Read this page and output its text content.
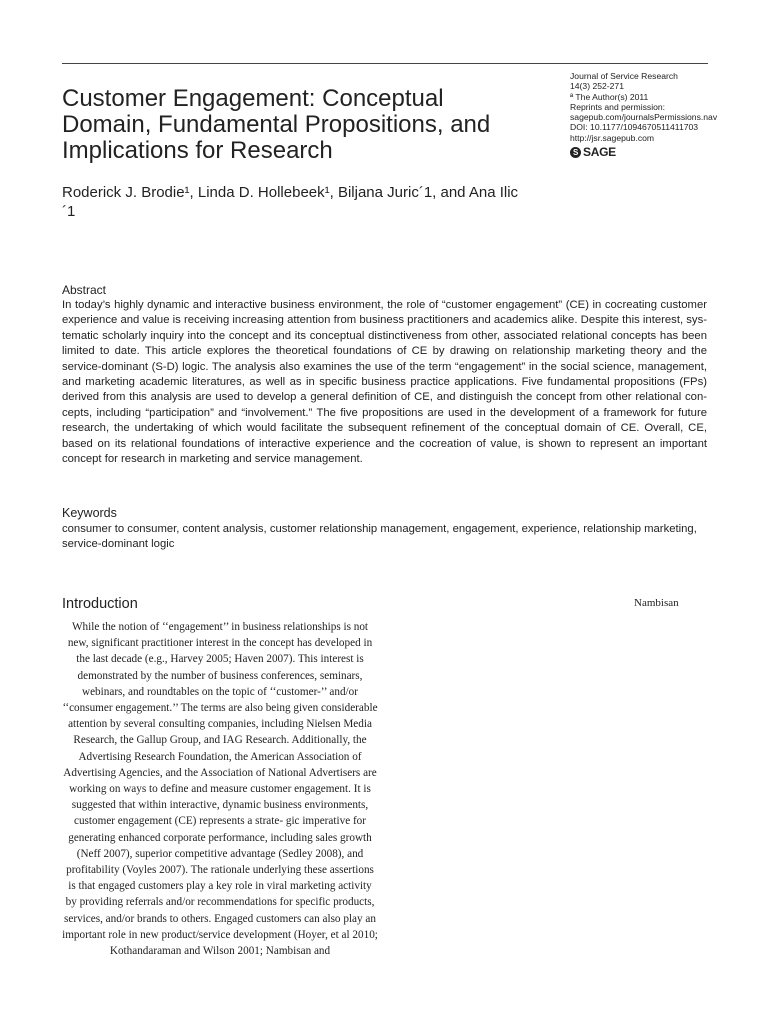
Customer Engagement: Conceptual Domain, Fundamental Propositions, and Implications for Research
Journal of Service Research
14(3) 252-271
ª The Author(s) 2011
Reprints and permission:
sagepub.com/journalsPermissions.nav
DOI: 10.1177/1094670511411703
http://jsr.sagepub.com
S SAGE
Roderick J. Brodie¹, Linda D. Hollebeek¹, Biljana Juric´1, and Ana Ilic´1
Abstract
In today’s highly dynamic and interactive business environment, the role of “customer engagement” (CE) in cocreating customer experience and value is receiving increasing attention from business practitioners and academics alike. Despite this interest, sys- tematic scholarly inquiry into the concept and its conceptual distinctiveness from other, associated relational concepts has been limited to date. This article explores the theoretical foundations of CE by drawing on relationship marketing theory and the service-dominant (S-D) logic. The analysis also examines the use of the term “engagement” in the social science, management, and marketing academic literatures, as well as in specific business practice applications. Five fundamental propositions (FPs) derived from this analysis are used to develop a general definition of CE, and distinguish the concept from other relational con- cepts, including “participation” and “involvement.” The five propositions are used in the development of a framework for future research, the undertaking of which would facilitate the subsequent refinement of the conceptual domain of CE. Overall, CE, based on its relational foundations of interactive experience and the cocreation of value, is shown to represent an important concept for research in marketing and service management.
Keywords
consumer to consumer, content analysis, customer relationship management, engagement, experience, relationship marketing, service-dominant logic
Introduction
While the notion of ‘‘engagement’’ in business relationships is not new, significant practitioner interest in the concept has developed in the last decade (e.g., Harvey 2005; Haven 2007). This interest is demonstrated by the number of business conferences, seminars, webinars, and roundtables on the topic of ‘‘customer-’’ and/or ‘‘consumer engagement.’’ The terms are also being given considerable attention by several consulting companies, including Nielsen Media Research, the Gallup Group, and IAG Research. Additionally, the Advertising Research Foundation, the American Association of Advertising Agencies, and the Association of National Advertisers are working on ways to define and measure customer engagement. It is suggested that within interactive, dynamic business environments, customer engagement (CE) represents a strate- gic imperative for generating enhanced corporate performance, including sales growth (Neff 2007), superior competitive advantage (Sedley 2008), and profitability (Voyles 2007). The rationale underlying these assertions is that engaged customers play a key role in viral marketing activity by providing referrals and/or recommendations for specific products, services, and/or brands to others. Engaged customers can also play an important role in new product/service development (Hoyer, et al 2010; Kothandaraman and Wilson 2001; Nambisan and
Nambisan
